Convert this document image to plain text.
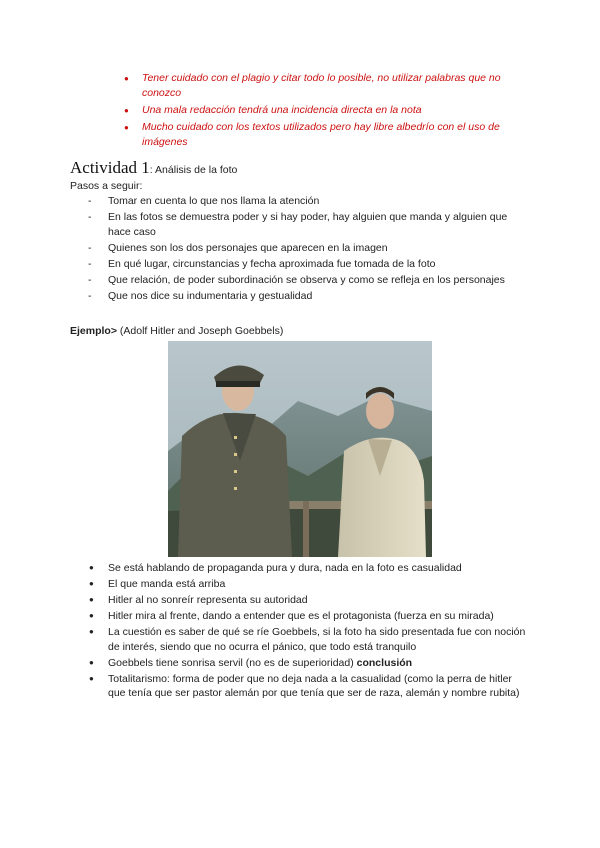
● Tener cuidado con el plagio y citar todo lo posible, no utilizar palabras que no conozco
● Una mala redacción tendrá una incidencia directa en la nota
● Mucho cuidado con los textos utilizados pero hay libre albedrío con el uso de imágenes
Actividad 1: Análisis de la foto
Pasos a seguir:
- Tomar en cuenta lo que nos llama la atención
- En las fotos se demuestra poder y si hay poder, hay alguien que manda y alguien que hace caso
- Quienes son los dos personajes que aparecen en la imagen
- En qué lugar, circunstancias y fecha aproximada fue tomada de la foto
- Que relación, de poder subordinación se observa y como se refleja en los personajes
- Que nos dice su indumentaria y gestualidad
Ejemplo> (Adolf Hitler and Joseph Goebbels)
● Se está hablando de propaganda pura y dura, nada en la foto es casualidad
● El que manda está arriba
● Hitler al no sonreír representa su autoridad
● Hitler mira al frente, dando a entender que es el protagonista (fuerza en su mirada)
● La cuestión es saber de qué se ríe Goebbels, si la foto ha sido presentada fue con noción de interés, siendo que no ocurra el pánico, que todo está tranquilo
● Goebbels tiene sonrisa servil (no es de superioridad) conclusión
● Totalitarismo: forma de poder que no deja nada a la casualidad (como la perra de hitler que tenía que ser pastor alemán por que tenía que ser de raza, alemán y nombre rubita)
